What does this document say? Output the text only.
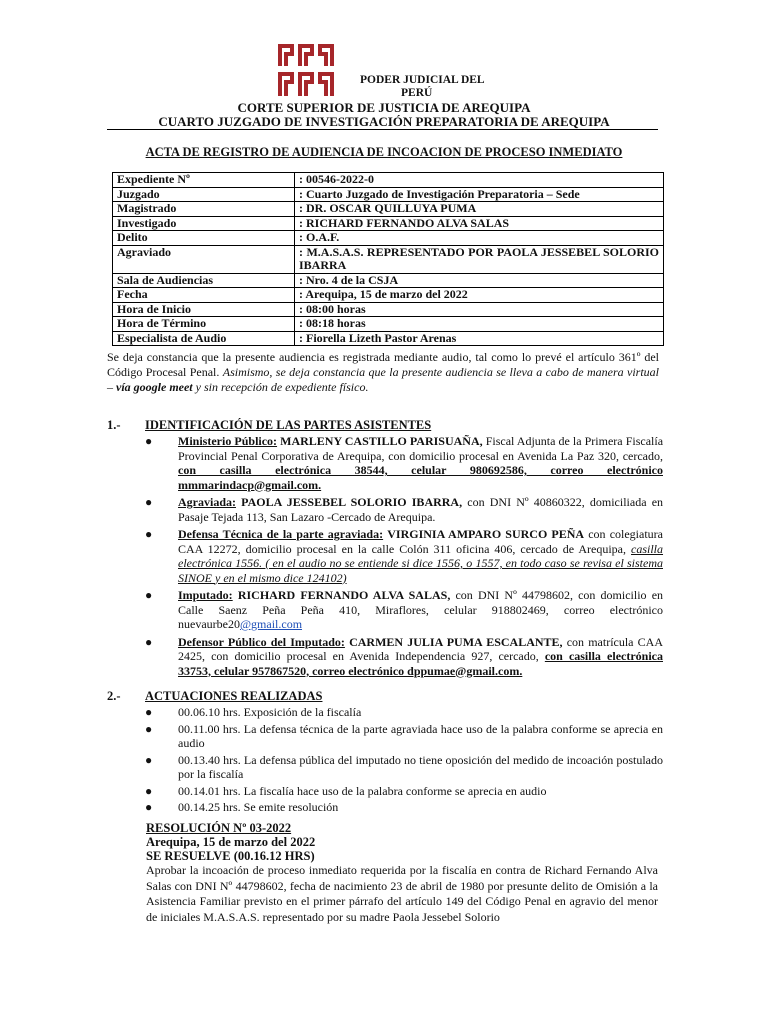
PODER JUDICIAL DEL
PERÚ
CORTE SUPERIOR DE JUSTICIA DE AREQUIPA
CUARTO JUZGADO DE INVESTIGACIÓN PREPARATORIA DE AREQUIPA
ACTA DE REGISTRO DE AUDIENCIA DE INCOACION DE PROCESO INMEDIATO
Expediente Nº	: 00546-2022-0
Juzgado	: Cuarto Juzgado de Investigación Preparatoria – Sede
Magistrado	: DR. OSCAR QUILLUYA PUMA
Investigado	: RICHARD FERNANDO ALVA SALAS
Delito	: O.A.F.
Agraviado	: M.A.S.A.S. REPRESENTADO POR PAOLA JESSEBEL SOLORIO IBARRA
Sala de Audiencias	: Nro. 4 de la CSJA
Fecha	: Arequipa, 15 de marzo del 2022
Hora de Inicio	: 08:00 horas
Hora de Término	: 08:18 horas
Especialista de Audio	: Fiorella Lizeth Pastor Arenas
Se deja constancia que la presente audiencia es registrada mediante audio, tal como lo prevé el artículo 361º del Código Procesal Penal. Asimismo, se deja constancia que la presente audiencia se lleva a cabo de manera virtual – vía google meet y sin recepción de expediente físico.
1.- IDENTIFICACIÓN DE LAS PARTES ASISTENTES
● Ministerio Público: MARLENY CASTILLO PARISUAÑA, Fiscal Adjunta de la Primera Fiscalía Provincial Penal Corporativa de Arequipa, con domicilio procesal en Avenida La Paz 320, cercado, con casilla electrónica 38544, celular 980692586, correo electrónico mmmarindacp@gmail.com.
● Agraviada: PAOLA JESSEBEL SOLORIO IBARRA, con DNI Nº 40860322, domiciliada en Pasaje Tejada 113, San Lazaro -Cercado de Arequipa.
● Defensa Técnica de la parte agraviada: VIRGINIA AMPARO SURCO PEÑA con colegiatura CAA 12272, domicilio procesal en la calle Colón 311 oficina 406, cercado de Arequipa, casilla electrónica 1556. ( en el audio no se entiende si dice 1556, o 1557, en todo caso se revisa el sistema SINOE y en el mismo dice 124102)
● Imputado: RICHARD FERNANDO ALVA SALAS, con DNI Nº 44798602, con domicilio en Calle Saenz Peña Peña 410, Miraflores, celular 918802469, correo electrónico nuevaurbe20@gmail.com
● Defensor Público del Imputado: CARMEN JULIA PUMA ESCALANTE, con matrícula CAA 2425, con domicilio procesal en Avenida Independencia 927, cercado, con casilla electrónica 33753, celular 957867520, correo electrónico dppumae@gmail.com.
2.- ACTUACIONES REALIZADAS
● 00.06.10 hrs. Exposición de la fiscalía
● 00.11.00 hrs. La defensa técnica de la parte agraviada hace uso de la palabra conforme se aprecia en audio
● 00.13.40 hrs. La defensa pública del imputado no tiene oposición del medido de incoación postulado por la fiscalía
● 00.14.01 hrs. La fiscalía hace uso de la palabra conforme se aprecia en audio
● 00.14.25 hrs. Se emite resolución
RESOLUCIÓN Nº 03-2022
Arequipa, 15 de marzo del 2022
SE RESUELVE (00.16.12 HRS)
Aprobar la incoación de proceso inmediato requerida por la fiscalía en contra de Richard Fernando Alva Salas con DNI Nº 44798602, fecha de nacimiento 23 de abril de 1980 por presunte delito de Omisión a la Asistencia Familiar previsto en el primer párrafo del artículo 149 del Código Penal en agravio del menor de iniciales M.A.S.A.S. representado por su madre Paola Jessebel Solorio
